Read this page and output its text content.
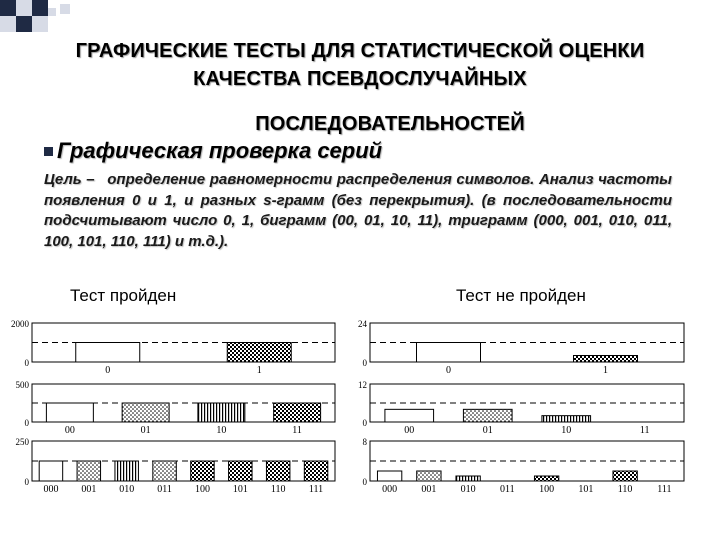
ГРАФИЧЕСКИЕ ТЕСТЫ ДЛЯ СТАТИСТИЧЕСКОЙ ОЦЕНКИ
КАЧЕСТВА ПСЕВДОСЛУЧАЙНЫХ
ПОСЛЕДОВАТЕЛЬНОСТЕЙ
Графическая проверка серий
Цель – определение равномерности распределения символов. Анализ частоты появления 0 и 1, и разных s-грамм (без перекрытия). (в последовательности подсчитывают число 0, 1, биграмм (00, 01, 10, 11), триграмм (000, 001, 010, 011, 100, 101, 110, 111) и т.д.).
Тест пройден	Тест не пройден
2000
0
0	1
500
0
00	01	10	11
250
0
000 001 010 011 100 101 110 111
24
0
0	1
12
0
00	01	10	11
8
0
000 001 010 011 100 101 110 111
